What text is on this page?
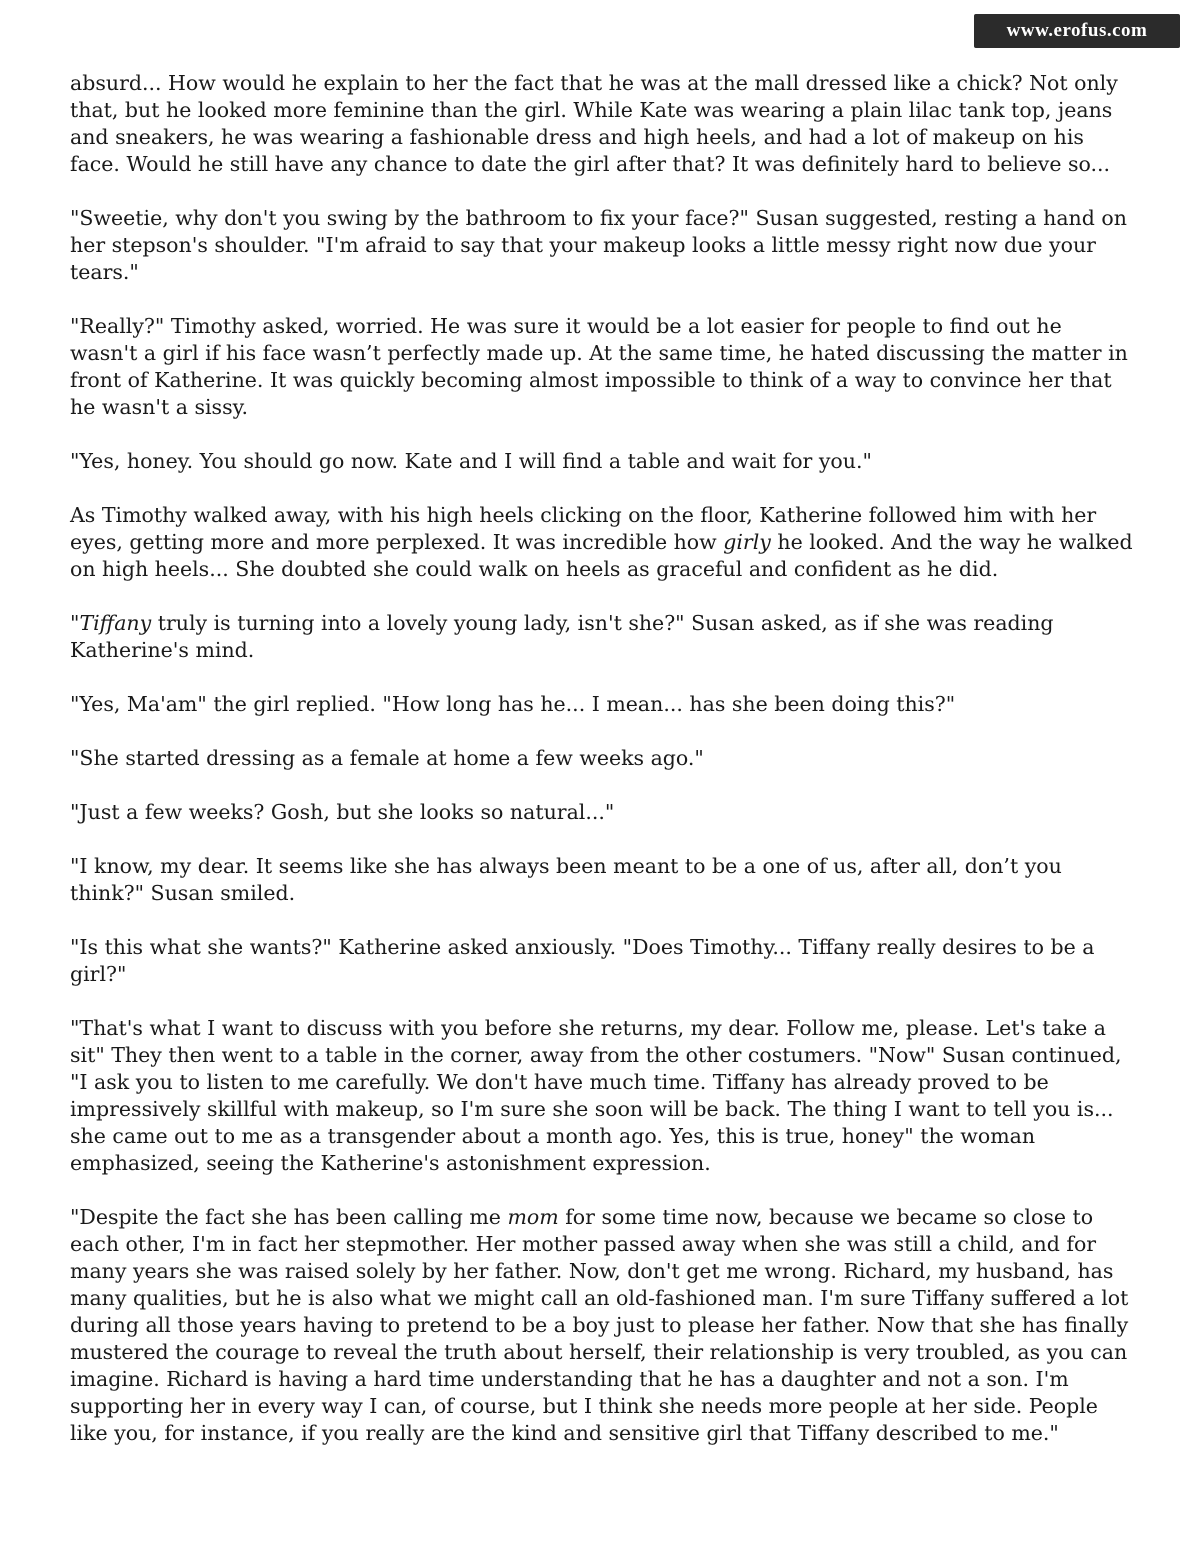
www.erofus.com

absurd... How would he explain to her the fact that he was at the mall dressed like a chick? Not only that, but he looked more feminine than the girl. While Kate was wearing a plain lilac tank top, jeans and sneakers, he was wearing a fashionable dress and high heels, and had a lot of makeup on his face. Would he still have any chance to date the girl after that? It was definitely hard to believe so...

"Sweetie, why don't you swing by the bathroom to fix your face?" Susan suggested, resting a hand on her stepson's shoulder. "I'm afraid to say that your makeup looks a little messy right now due your tears."

"Really?" Timothy asked, worried. He was sure it would be a lot easier for people to find out he wasn't a girl if his face wasn’t perfectly made up. At the same time, he hated discussing the matter in front of Katherine. It was quickly becoming almost impossible to think of a way to convince her that he wasn't a sissy.

"Yes, honey. You should go now. Kate and I will find a table and wait for you."

As Timothy walked away, with his high heels clicking on the floor, Katherine followed him with her eyes, getting more and more perplexed. It was incredible how girly he looked. And the way he walked on high heels... She doubted she could walk on heels as graceful and confident as he did.

"Tiffany truly is turning into a lovely young lady, isn't she?" Susan asked, as if she was reading Katherine's mind.

"Yes, Ma'am" the girl replied. "How long has he... I mean... has she been doing this?"

"She started dressing as a female at home a few weeks ago."

"Just a few weeks? Gosh, but she looks so natural..."

"I know, my dear. It seems like she has always been meant to be a one of us, after all, don’t you think?" Susan smiled.

"Is this what she wants?" Katherine asked anxiously. "Does Timothy... Tiffany really desires to be a girl?"

"That's what I want to discuss with you before she returns, my dear. Follow me, please. Let's take a sit" They then went to a table in the corner, away from the other costumers. "Now" Susan continued, "I ask you to listen to me carefully. We don't have much time. Tiffany has already proved to be impressively skillful with makeup, so I'm sure she soon will be back. The thing I want to tell you is... she came out to me as a transgender about a month ago. Yes, this is true, honey" the woman emphasized, seeing the Katherine's astonishment expression.

"Despite the fact she has been calling me mom for some time now, because we became so close to each other, I'm in fact her stepmother. Her mother passed away when she was still a child, and for many years she was raised solely by her father. Now, don't get me wrong. Richard, my husband, has many qualities, but he is also what we might call an old-fashioned man. I'm sure Tiffany suffered a lot during all those years having to pretend to be a boy just to please her father. Now that she has finally mustered the courage to reveal the truth about herself, their relationship is very troubled, as you can imagine. Richard is having a hard time understanding that he has a daughter and not a son. I'm supporting her in every way I can, of course, but I think she needs more people at her side. People like you, for instance, if you really are the kind and sensitive girl that Tiffany described to me."
